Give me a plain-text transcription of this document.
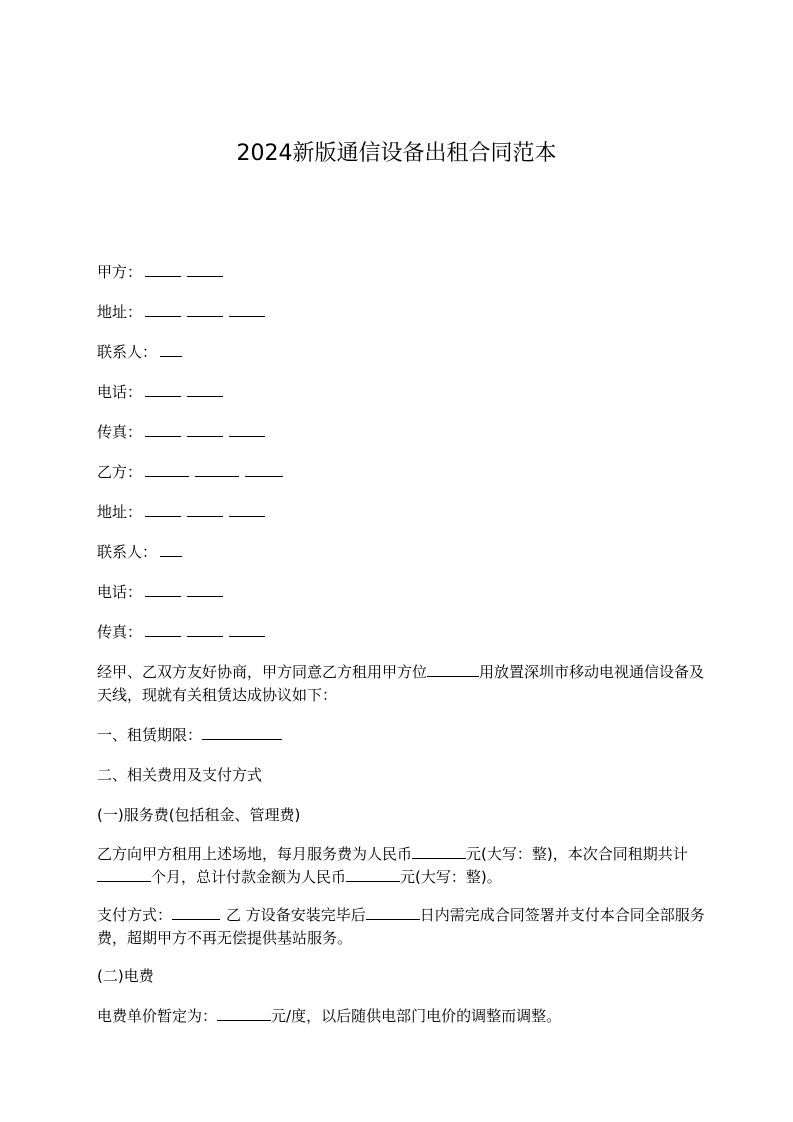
2024新版通信设备出租合同范本
甲方：
地址：
联系人：
电话：
传真：
乙方：
地址：
联系人：
电话：
传真：
经甲、乙双方友好协商，甲方同意乙方租用甲方位	用放置深圳市移动电视通信设备及天线，现就有关租赁达成协议如下：
一、租赁期限：
二、相关费用及支付方式
(一)服务费(包括租金、管理费)
乙方向甲方租用上述场地，每月服务费为人民币	元(大写：整)，本次合同租期共计个月，总计付款金额为人民币	元(大写：整)。
支付方式：	乙 方设备安装完毕后	日内需完成合同签署并支付本合同全部服务费，超期甲方不再无偿提供基站服务。
(二)电费
电费单价暂定为：	元/度，以后随供电部门电价的调整而调整。
